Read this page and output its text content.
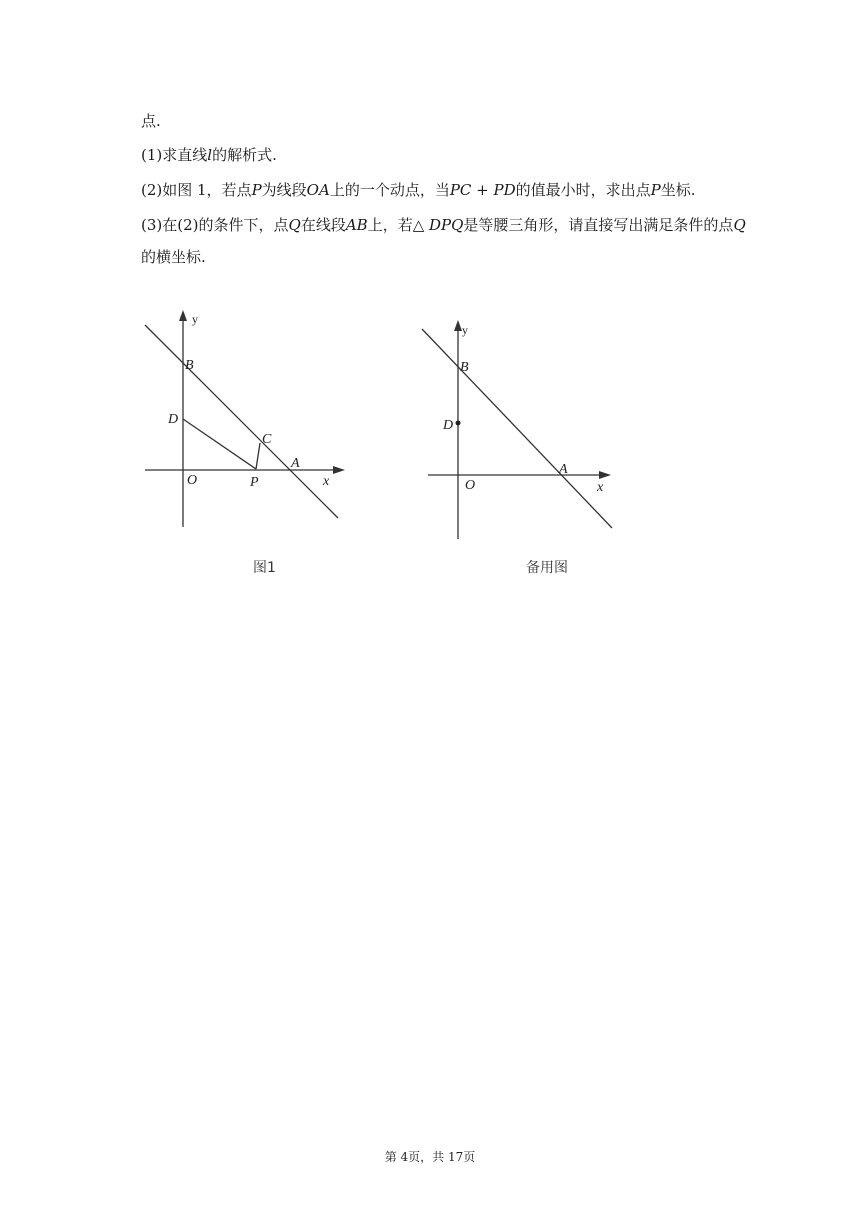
点.
(1)求直线l的解析式.
(2)如图 1，若点P为线段OA上的一个动点，当PC + PD的值最小时，求出点P坐标.
(3)在(2)的条件下，点Q在线段AB上，若△ DPQ是等腰三角形，请直接写出满足条件的点Q
的横坐标.
y
B
D
C
A
O	P	x
图1
y
B
D
A
O	x
备用图
第 4页，共 17页
